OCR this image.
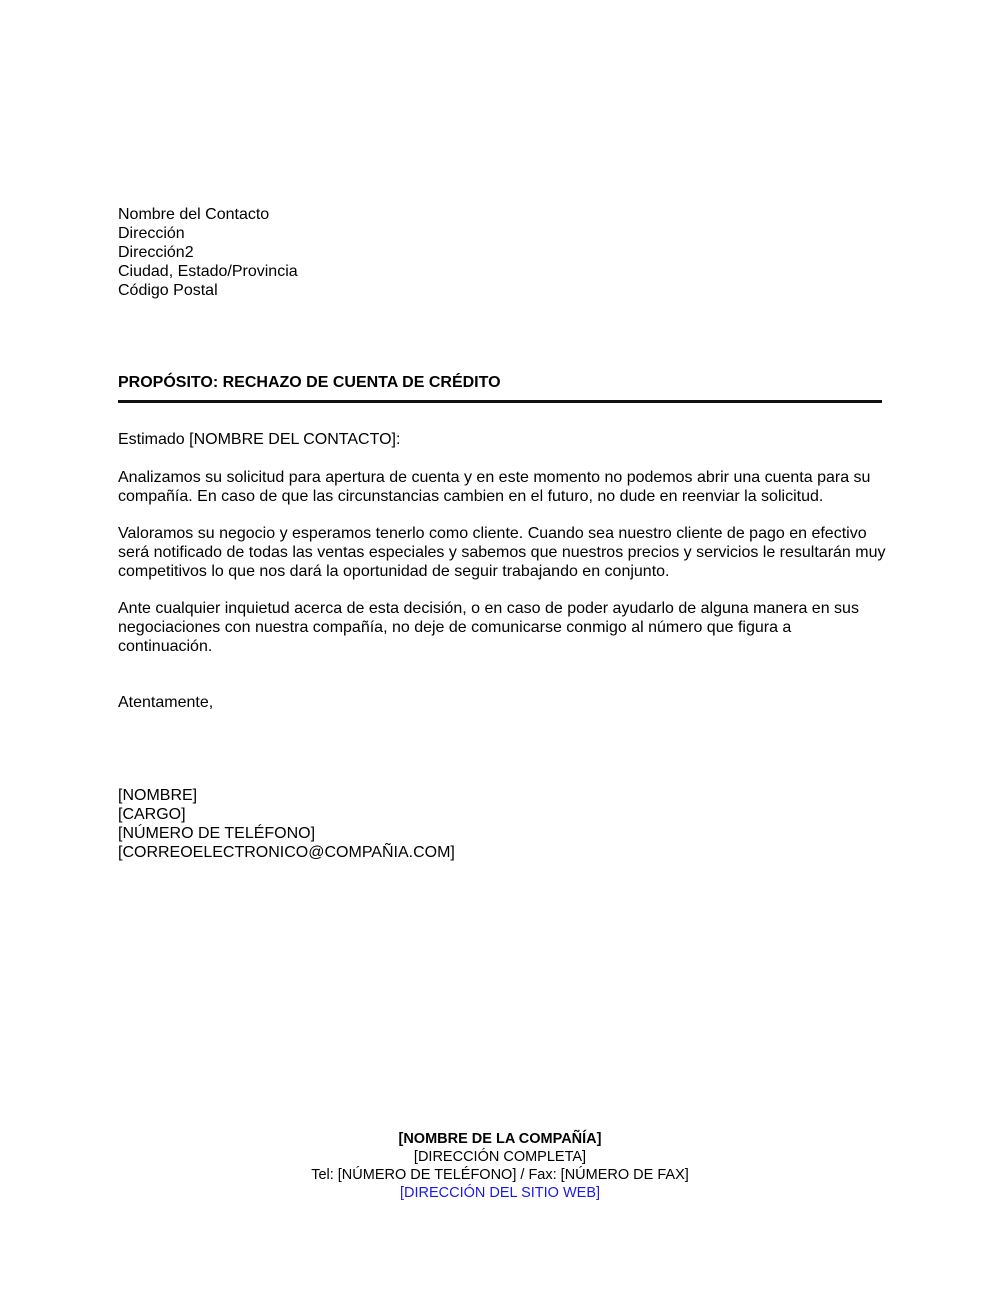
Nombre del Contacto
Dirección
Dirección2
Ciudad, Estado/Provincia
Código Postal
PROPÓSITO: RECHAZO DE CUENTA DE CRÉDITO
Estimado [NOMBRE DEL CONTACTO]:

Analizamos su solicitud para apertura de cuenta y en este momento no podemos abrir una cuenta para su compañía. En caso de que las circunstancias cambien en el futuro, no dude en reenviar la solicitud.

Valoramos su negocio y esperamos tenerlo como cliente. Cuando sea nuestro cliente de pago en efectivo será notificado de todas las ventas especiales y sabemos que nuestros precios y servicios le resultarán muy competitivos lo que nos dará la oportunidad de seguir trabajando en conjunto.

Ante cualquier inquietud acerca de esta decisión, o en caso de poder ayudarlo de alguna manera en sus negociaciones con nuestra compañía, no deje de comunicarse conmigo al número que figura a continuación.

Atentamente,
[NOMBRE]
[CARGO]
[NÚMERO DE TELÉFONO]
[CORREOELECTRONICO@COMPAÑIA.COM]
[NOMBRE DE LA COMPAÑÍA]
[DIRECCIÓN COMPLETA]
Tel: [NÚMERO DE TELÉFONO] / Fax: [NÚMERO DE FAX]
[DIRECCIÓN DEL SITIO WEB]
